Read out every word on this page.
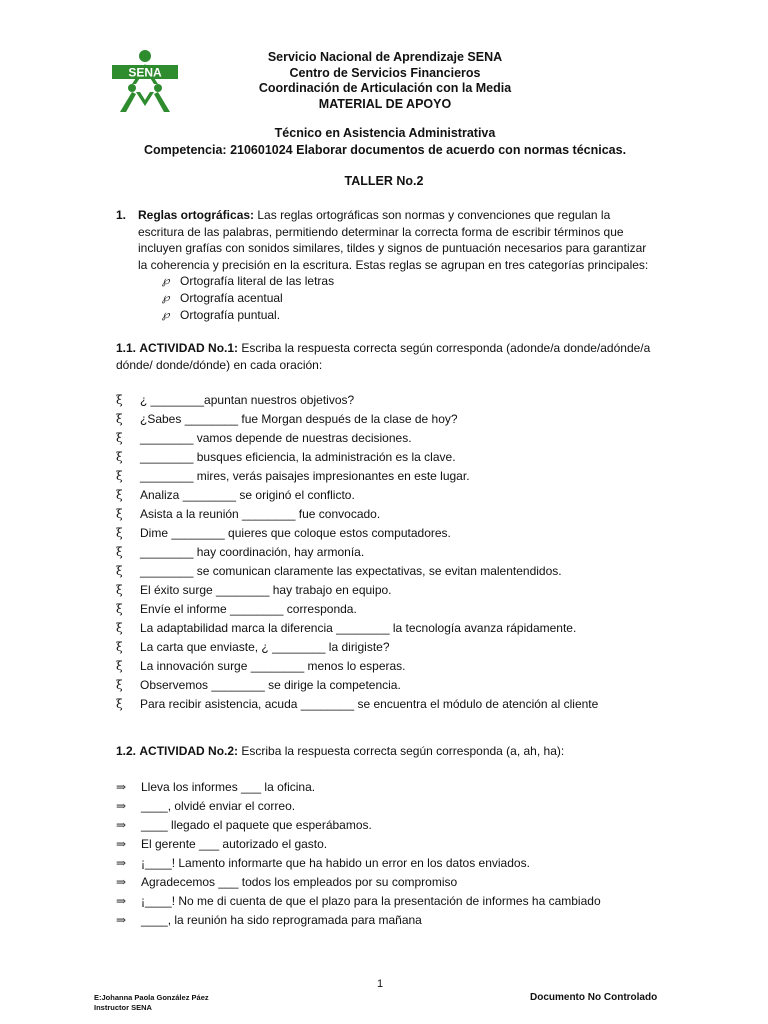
SENA
Servicio Nacional de Aprendizaje SENA
Centro de Servicios Financieros
Coordinación de Articulación con la Media
MATERIAL DE APOYO
Técnico en Asistencia Administrativa
Competencia: 210601024 Elaborar documentos de acuerdo con normas técnicas.
TALLER No.2
1. Reglas ortográficas: Las reglas ortográficas son normas y convenciones que regulan la escritura de las palabras, permitiendo determinar la correcta forma de escribir términos que incluyen grafías con sonidos similares, tildes y signos de puntuación necesarios para garantizar la coherencia y precisión en la escritura. Estas reglas se agrupan en tres categorías principales:
℘ Ortografía literal de las letras
℘ Ortografía acentual
℘ Ortografía puntual.
1.1. ACTIVIDAD No.1: Escriba la respuesta correcta según corresponda (adonde/a donde/adónde/a dónde/ donde/dónde) en cada oración:
ξ ¿ ________apuntan nuestros objetivos?
ξ ¿Sabes ________ fue Morgan después de la clase de hoy?
ξ ________ vamos depende de nuestras decisiones.
ξ ________ busques eficiencia, la administración es la clave.
ξ ________ mires, verás paisajes impresionantes en este lugar.
ξ Analiza ________ se originó el conflicto.
ξ Asista a la reunión ________ fue convocado.
ξ Dime ________ quieres que coloque estos computadores.
ξ ________ hay coordinación, hay armonía.
ξ ________ se comunican claramente las expectativas, se evitan malentendidos.
ξ El éxito surge ________ hay trabajo en equipo.
ξ Envíe el informe ________ corresponda.
ξ La adaptabilidad marca la diferencia ________ la tecnología avanza rápidamente.
ξ La carta que enviaste, ¿ ________ la dirigiste?
ξ La innovación surge ________ menos lo esperas.
ξ Observemos ________ se dirige la competencia.
ξ Para recibir asistencia, acuda ________ se encuentra el módulo de atención al cliente
1.2. ACTIVIDAD No.2: Escriba la respuesta correcta según corresponda (a, ah, ha):
⇒ Lleva los informes ___ la oficina.
⇒ ____, olvidé enviar el correo.
⇒ ____ llegado el paquete que esperábamos.
⇒ El gerente ___ autorizado el gasto.
⇒ ¡____! Lamento informarte que ha habido un error en los datos enviados.
⇒ Agradecemos ___ todos los empleados por su compromiso
⇒ ¡____! No me di cuenta de que el plazo para la presentación de informes ha cambiado
⇒ ____, la reunión ha sido reprogramada para mañana
1
E:Johanna Paola González Páez
Instructor SENA
Documento No Controlado
